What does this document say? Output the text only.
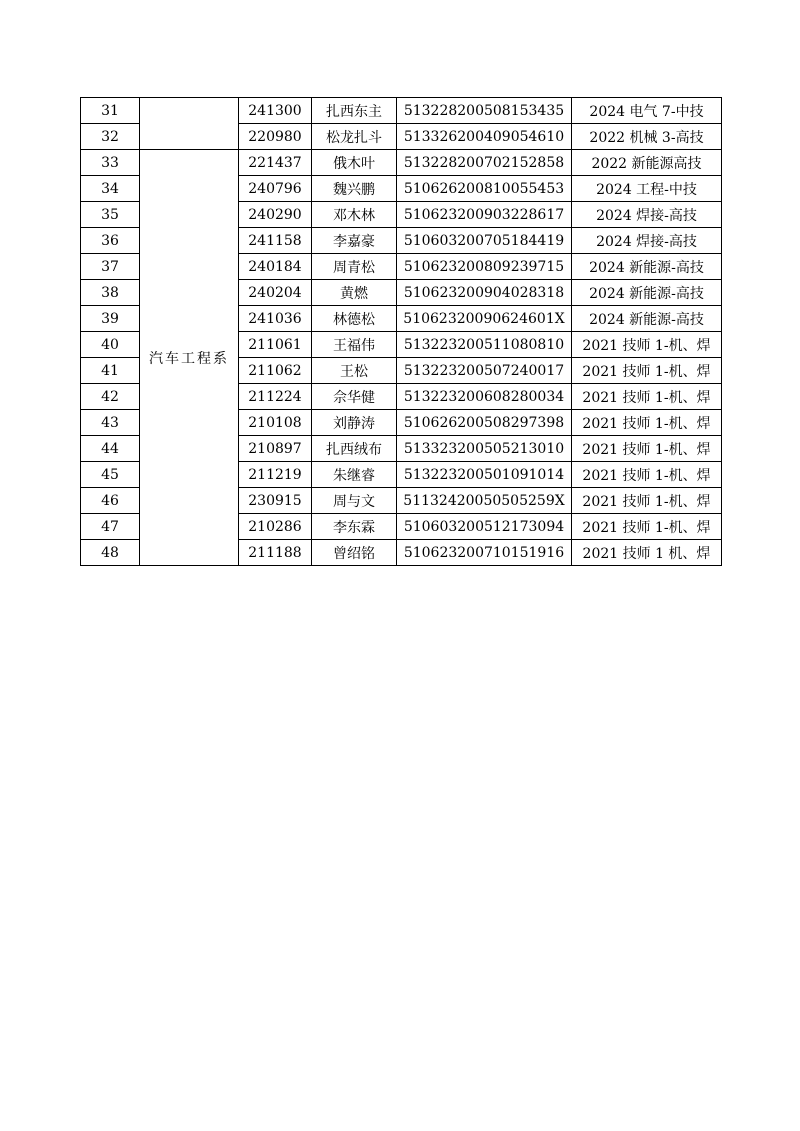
31		241300	扎西东主	513228200508153435	2024 电气 7-中技
32		220980	松龙扎斗	513326200409054610	2022 机械 3-高技
33	汽车工程系	221437	俄木叶	513228200702152858	2022 新能源高技
34		240796	魏兴鹏	510626200810055453	2024 工程-中技
35		240290	邓木林	510623200903228617	2024 焊接-高技
36		241158	李嘉豪	510603200705184419	2024 焊接-高技
37		240184	周青松	510623200809239715	2024 新能源-高技
38		240204	黄燃	510623200904028318	2024 新能源-高技
39		241036	林德松	51062320090624601X	2024 新能源-高技
40		211061	王福伟	513223200511080810	2021 技师 1-机、焊
41		211062	王松	513223200507240017	2021 技师 1-机、焊
42		211224	佘华健	513223200608280034	2021 技师 1-机、焊
43		210108	刘静涛	510626200508297398	2021 技师 1-机、焊
44		210897	扎西绒布	513323200505213010	2021 技师 1-机、焊
45		211219	朱继睿	513223200501091014	2021 技师 1-机、焊
46		230915	周与文	51132420050505259X	2021 技师 1-机、焊
47		210286	李东霖	510603200512173094	2021 技师 1-机、焊
48		211188	曾绍铭	510623200710151916	2021 技师 1 机、焊
